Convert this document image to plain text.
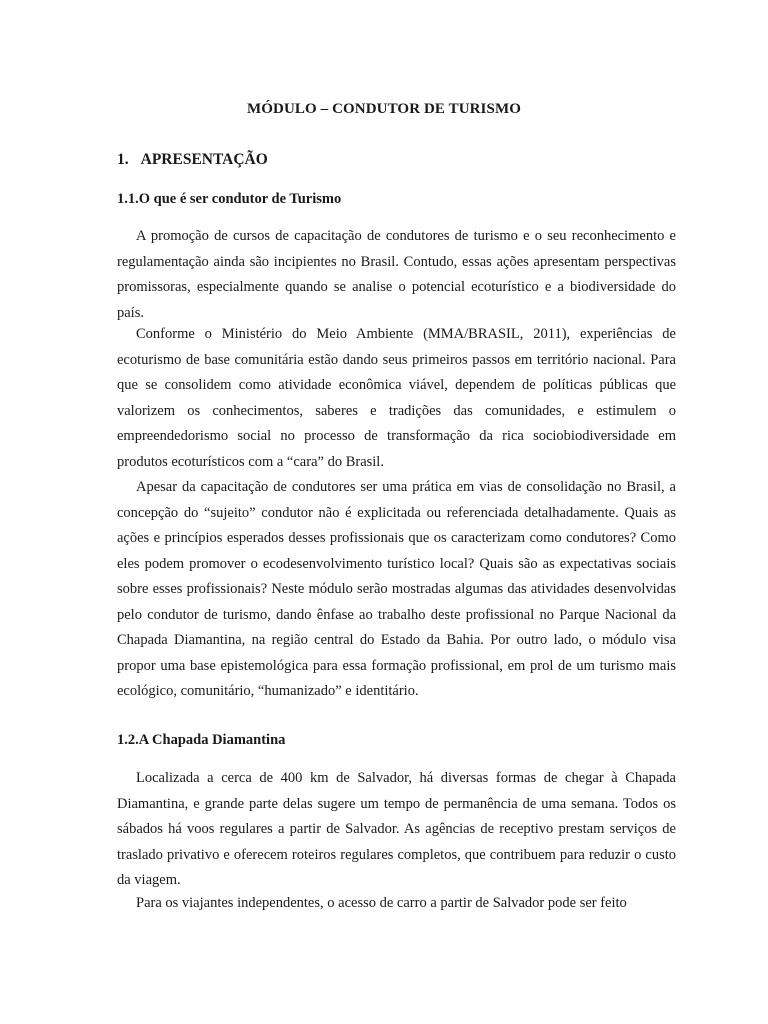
MÓDULO – CONDUTOR DE TURISMO
1. APRESENTAÇÃO
1.1.O que é ser condutor de Turismo

A promoção de cursos de capacitação de condutores de turismo e o seu reconhecimento e regulamentação ainda são incipientes no Brasil. Contudo, essas ações apresentam perspectivas promissoras, especialmente quando se analise o potencial ecoturístico e a biodiversidade do país.

Conforme o Ministério do Meio Ambiente (MMA/BRASIL, 2011), experiências de ecoturismo de base comunitária estão dando seus primeiros passos em território nacional. Para que se consolidem como atividade econômica viável, dependem de políticas públicas que valorizem os conhecimentos, saberes e tradições das comunidades, e estimulem o empreendedorismo social no processo de transformação da rica sociobiodiversidade em produtos ecoturísticos com a “cara” do Brasil.

Apesar da capacitação de condutores ser uma prática em vias de consolidação no Brasil, a concepção do “sujeito” condutor não é explicitada ou referenciada detalhadamente. Quais as ações e princípios esperados desses profissionais que os caracterizam como condutores? Como eles podem promover o ecodesenvolvimento turístico local? Quais são as expectativas sociais sobre esses profissionais? Neste módulo serão mostradas algumas das atividades desenvolvidas pelo condutor de turismo, dando ênfase ao trabalho deste profissional no Parque Nacional da Chapada Diamantina, na região central do Estado da Bahia. Por outro lado, o módulo visa propor uma base epistemológica para essa formação profissional, em prol de um turismo mais ecológico, comunitário, “humanizado” e identitário.

1.2.A Chapada Diamantina

Localizada a cerca de 400 km de Salvador, há diversas formas de chegar à Chapada Diamantina, e grande parte delas sugere um tempo de permanência de uma semana. Todos os sábados há voos regulares a partir de Salvador. As agências de receptivo prestam serviços de traslado privativo e oferecem roteiros regulares completos, que contribuem para reduzir o custo da viagem.

Para os viajantes independentes, o acesso de carro a partir de Salvador pode ser feito
